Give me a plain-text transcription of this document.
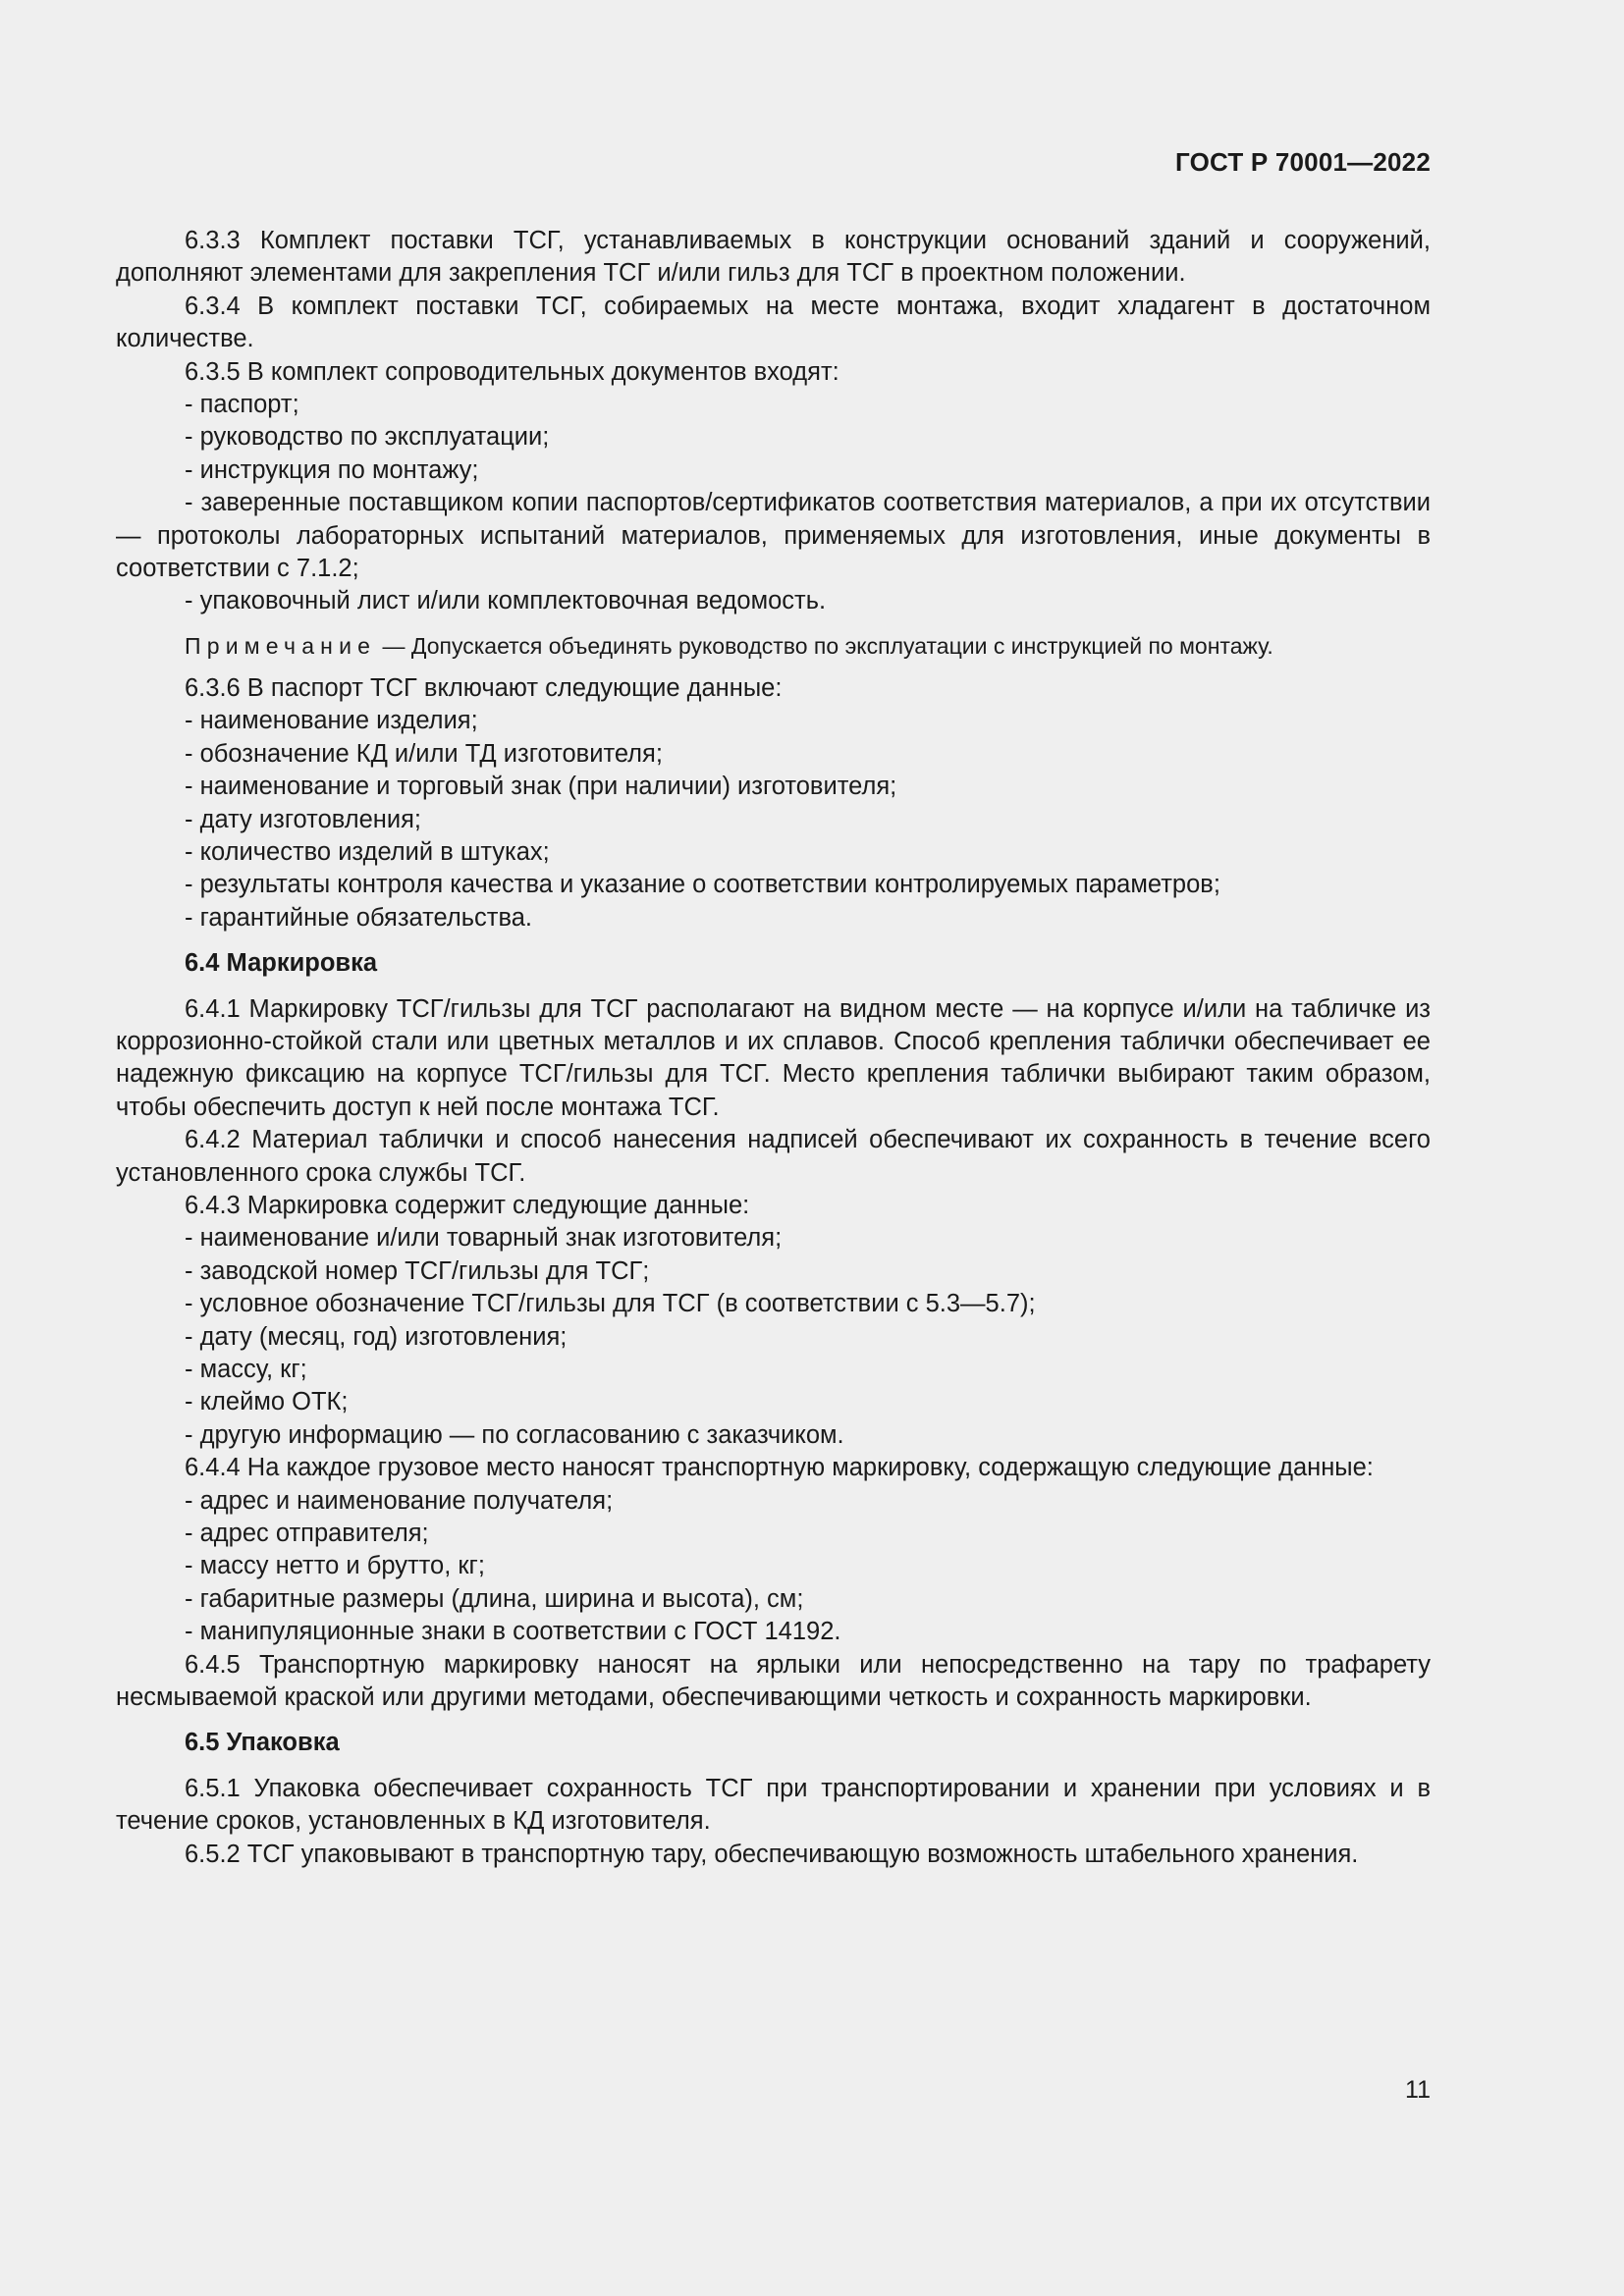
ГОСТ Р 70001—2022

6.3.3 Комплект поставки ТСГ, устанавливаемых в конструкции оснований зданий и сооружений, дополняют элементами для закрепления ТСГ и/или гильз для ТСГ в проектном положении.

6.3.4 В комплект поставки ТСГ, собираемых на месте монтажа, входит хладагент в достаточном количестве.

6.3.5 В комплект сопроводительных документов входят:

- паспорт;

- руководство по эксплуатации;

- инструкция по монтажу;

- заверенные поставщиком копии паспортов/сертификатов соответствия материалов, а при их отсутствии — протоколы лабораторных испытаний материалов, применяемых для изготовления, иные документы в соответствии с 7.1.2;

- упаковочный лист и/или комплектовочная ведомость.

Примечание — Допускается объединять руководство по эксплуатации с инструкцией по монтажу.

6.3.6 В паспорт ТСГ включают следующие данные:

- наименование изделия;

- обозначение КД и/или ТД изготовителя;

- наименование и торговый знак (при наличии) изготовителя;

- дату изготовления;

- количество изделий в штуках;

- результаты контроля качества и указание о соответствии контролируемых параметров;

- гарантийные обязательства.

6.4 Маркировка

6.4.1 Маркировку ТСГ/гильзы для ТСГ располагают на видном месте — на корпусе и/или на табличке из коррозионно-стойкой стали или цветных металлов и их сплавов. Способ крепления таблички обеспечивает ее надежную фиксацию на корпусе ТСГ/гильзы для ТСГ. Место крепления таблички выбирают таким образом, чтобы обеспечить доступ к ней после монтажа ТСГ.

6.4.2 Материал таблички и способ нанесения надписей обеспечивают их сохранность в течение всего установленного срока службы ТСГ.

6.4.3 Маркировка содержит следующие данные:

- наименование и/или товарный знак изготовителя;

- заводской номер ТСГ/гильзы для ТСГ;

- условное обозначение ТСГ/гильзы для ТСГ (в соответствии с 5.3—5.7);

- дату (месяц, год) изготовления;

- массу, кг;

- клеймо ОТК;

- другую информацию — по согласованию с заказчиком.

6.4.4 На каждое грузовое место наносят транспортную маркировку, содержащую следующие данные:

- адрес и наименование получателя;

- адрес отправителя;

- массу нетто и брутто, кг;

- габаритные размеры (длина, ширина и высота), см;

- манипуляционные знаки в соответствии с ГОСТ 14192.

6.4.5 Транспортную маркировку наносят на ярлыки или непосредственно на тару по трафарету несмываемой краской или другими методами, обеспечивающими четкость и сохранность маркировки.

6.5 Упаковка

6.5.1 Упаковка обеспечивает сохранность ТСГ при транспортировании и хранении при условиях и в течение сроков, установленных в КД изготовителя.

6.5.2 ТСГ упаковывают в транспортную тару, обеспечивающую возможность штабельного хранения.

11
